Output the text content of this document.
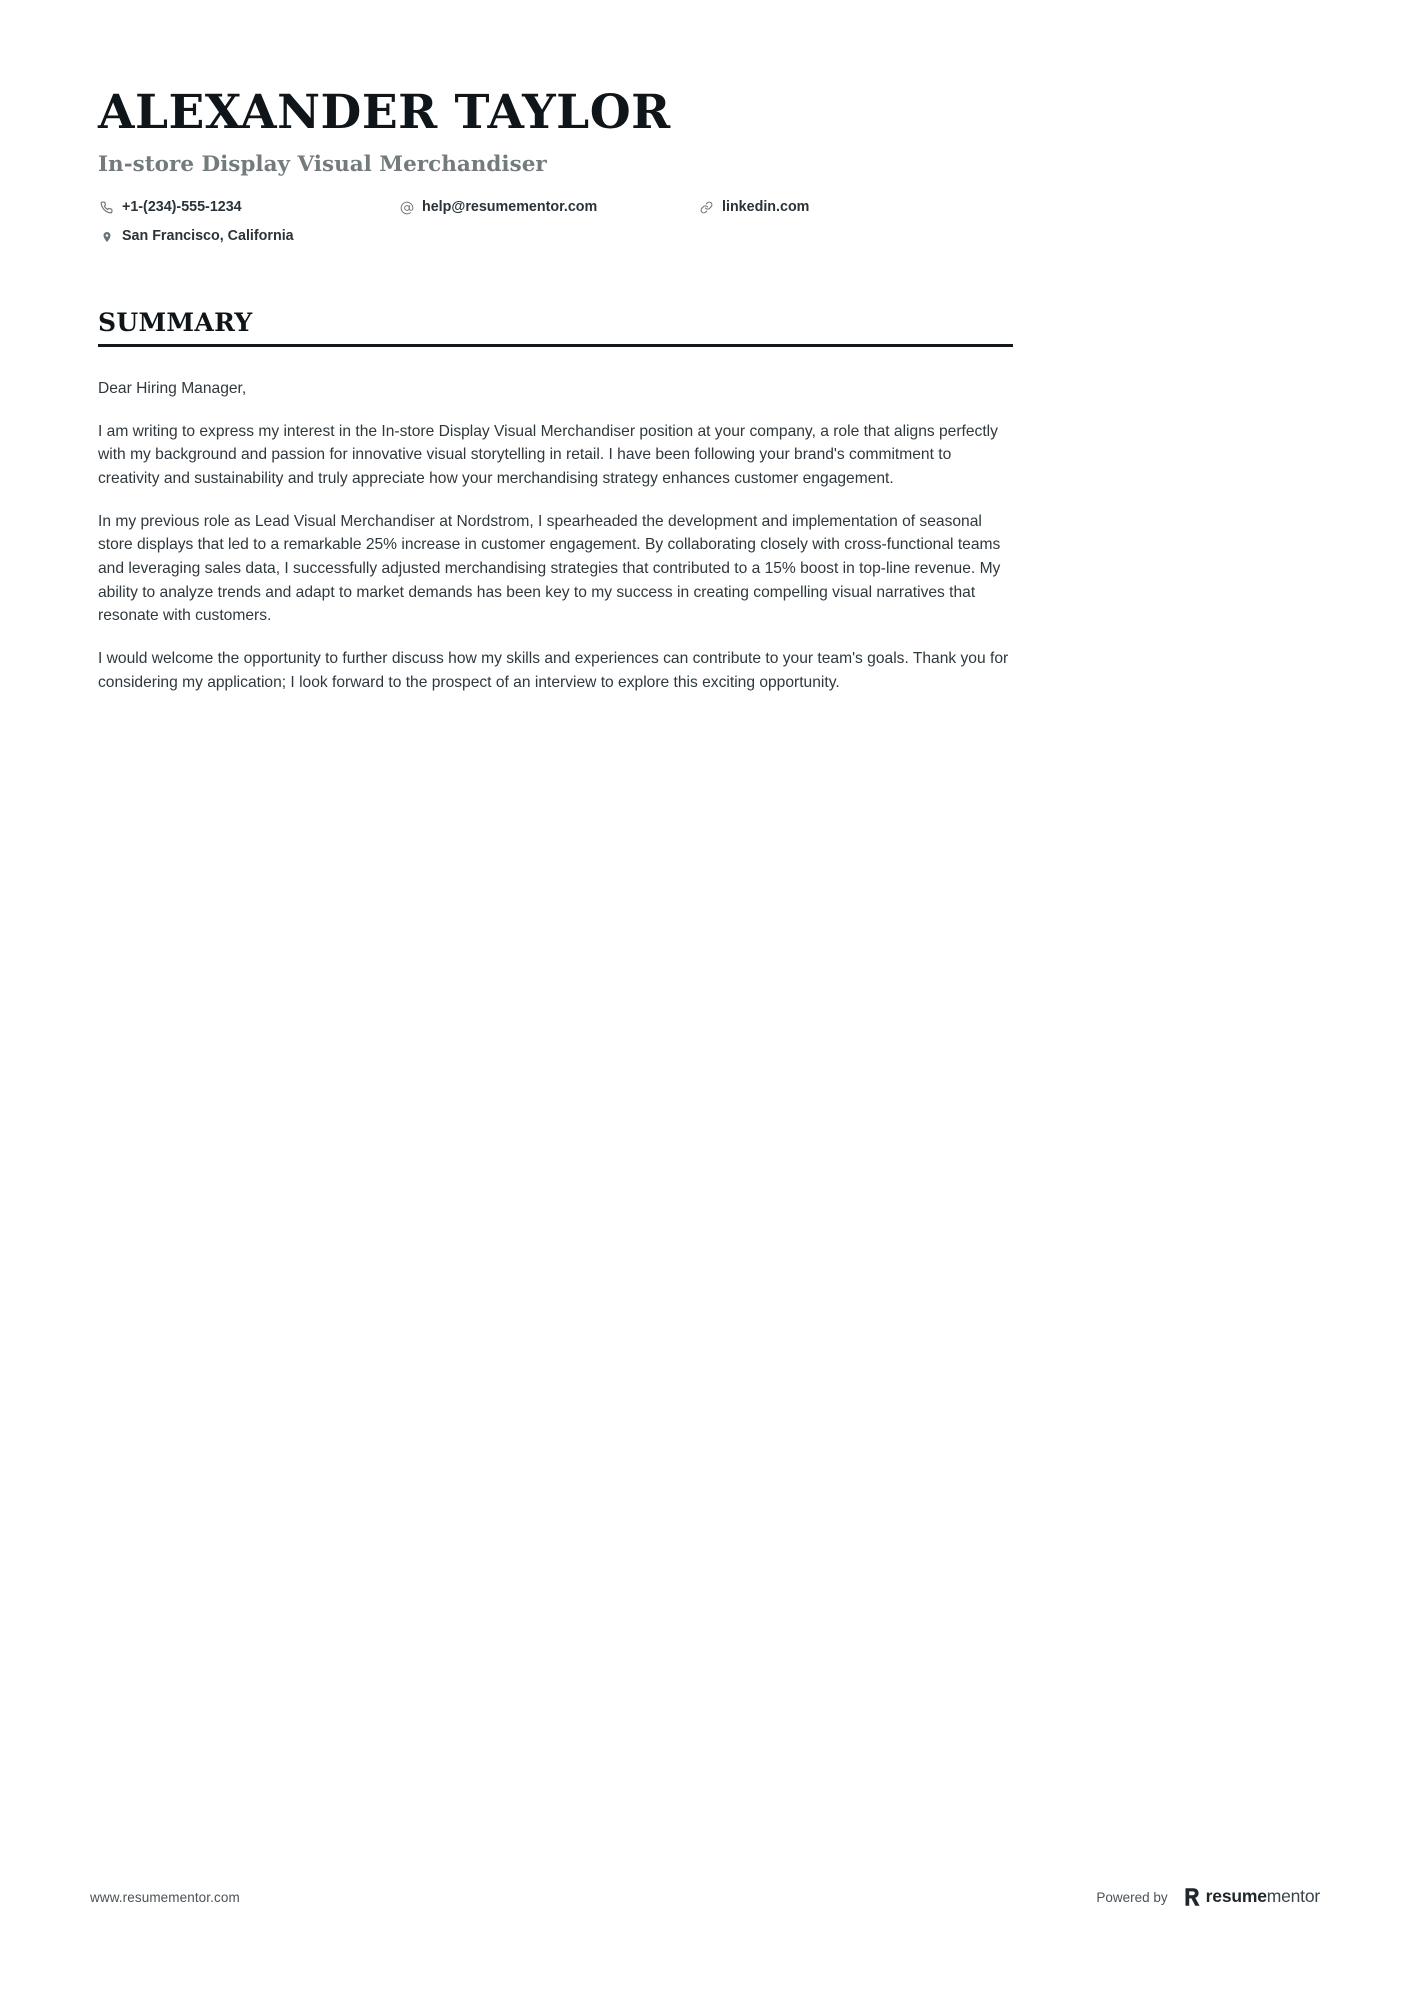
ALEXANDER TAYLOR
In-store Display Visual Merchandiser
+1-(234)-555-1234	help@resumementor.com	linkedin.com
San Francisco, California
SUMMARY

Dear Hiring Manager,

I am writing to express my interest in the In-store Display Visual Merchandiser position at your company, a role that aligns perfectly with my background and passion for innovative visual storytelling in retail. I have been following your brand's commitment to creativity and sustainability and truly appreciate how your merchandising strategy enhances customer engagement.

In my previous role as Lead Visual Merchandiser at Nordstrom, I spearheaded the development and implementation of seasonal store displays that led to a remarkable 25% increase in customer engagement. By collaborating closely with cross-functional teams and leveraging sales data, I successfully adjusted merchandising strategies that contributed to a 15% boost in top-line revenue. My ability to analyze trends and adapt to market demands has been key to my success in creating compelling visual narratives that resonate with customers.

I would welcome the opportunity to further discuss how my skills and experiences can contribute to your team's goals. Thank you for considering my application; I look forward to the prospect of an interview to explore this exciting opportunity.

www.resumementor.com	Powered by resumementor
